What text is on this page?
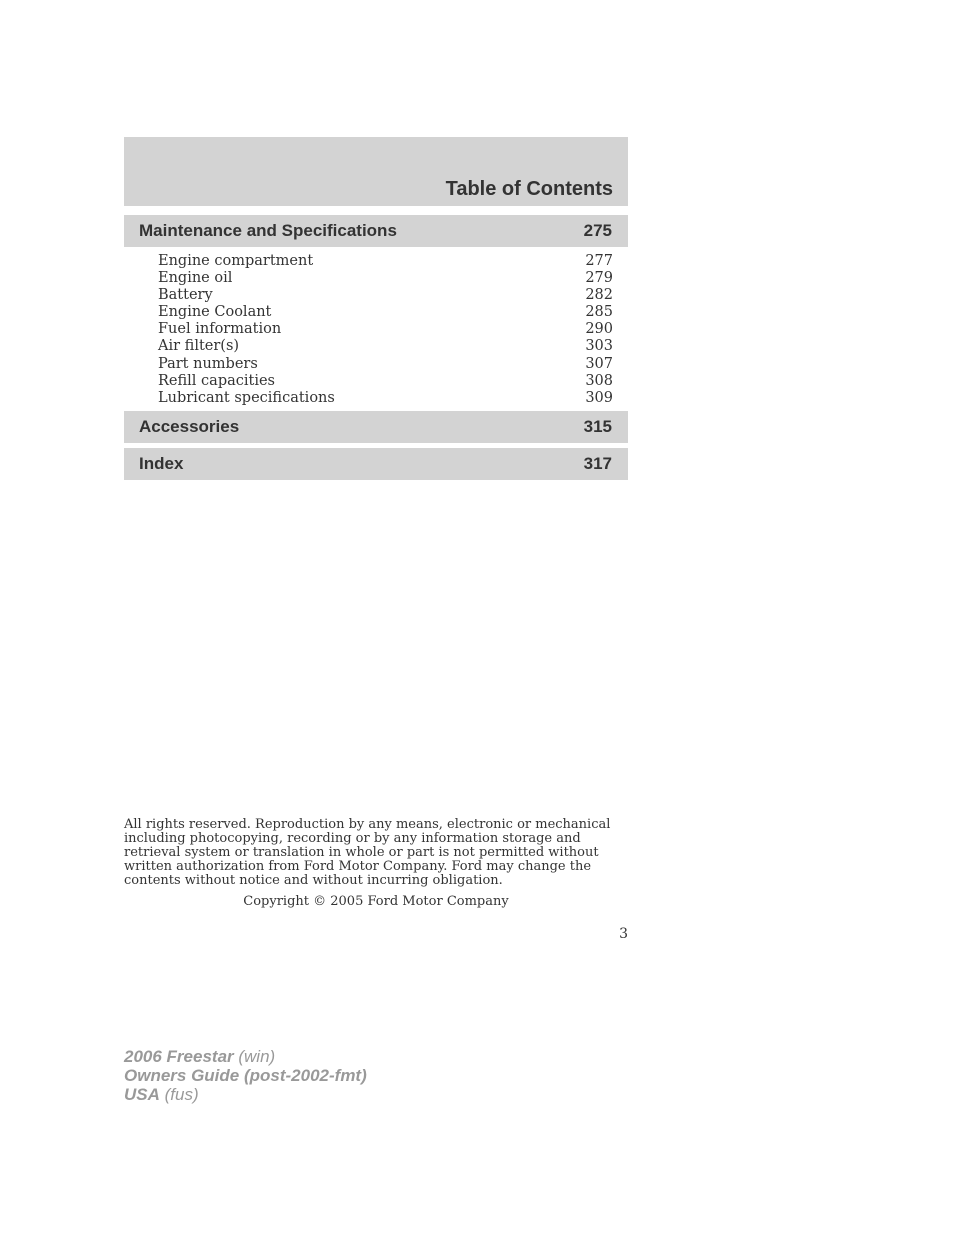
Table of Contents
Maintenance and Specifications	275
Engine compartment	277
Engine oil	279
Battery	282
Engine Coolant	285
Fuel information	290
Air filter(s)	303
Part numbers	307
Refill capacities	308
Lubricant specifications	309
Accessories	315
Index	317

All rights reserved. Reproduction by any means, electronic or mechanical including photocopying, recording or by any information storage and retrieval system or translation in whole or part is not permitted without written authorization from Ford Motor Company. Ford may change the contents without notice and without incurring obligation.

Copyright © 2005 Ford Motor Company
3
2006 Freestar (win)
Owners Guide (post-2002-fmt)
USA (fus)
